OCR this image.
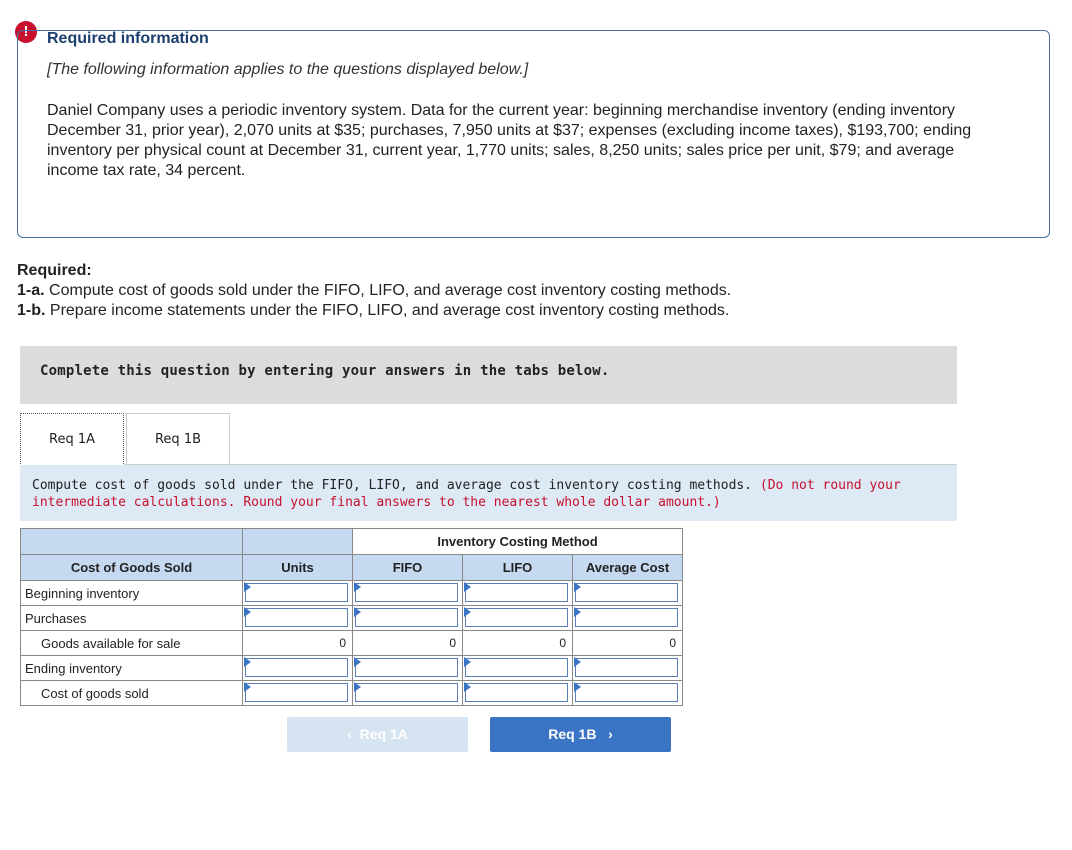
!	Required information
[The following information applies to the questions displayed below.]
Daniel Company uses a periodic inventory system. Data for the current year: beginning merchandise inventory (ending inventory December 31, prior year), 2,070 units at $35; purchases, 7,950 units at $37; expenses (excluding income taxes), $193,700; ending inventory per physical count at December 31, current year, 1,770 units; sales, 8,250 units; sales price per unit, $79; and average income tax rate, 34 percent.
Required:
1-a. Compute cost of goods sold under the FIFO, LIFO, and average cost inventory costing methods.
1-b. Prepare income statements under the FIFO, LIFO, and average cost inventory costing methods.
Complete this question by entering your answers in the tabs below.
Req 1A	Req 1B

Compute cost of goods sold under the FIFO, LIFO, and average cost inventory costing methods. (Do not round your intermediate calculations. Round your final answers to the nearest whole dollar amount.)

		Inventory Costing Method		
Cost of Goods Sold	Units	FIFO	LIFO	Average Cost
Beginning inventory	

Purchases	

Goods available for sale	0	0	0	0
Ending inventory	

Cost of goods sold	

‹ Req 1A	Req 1B ›
